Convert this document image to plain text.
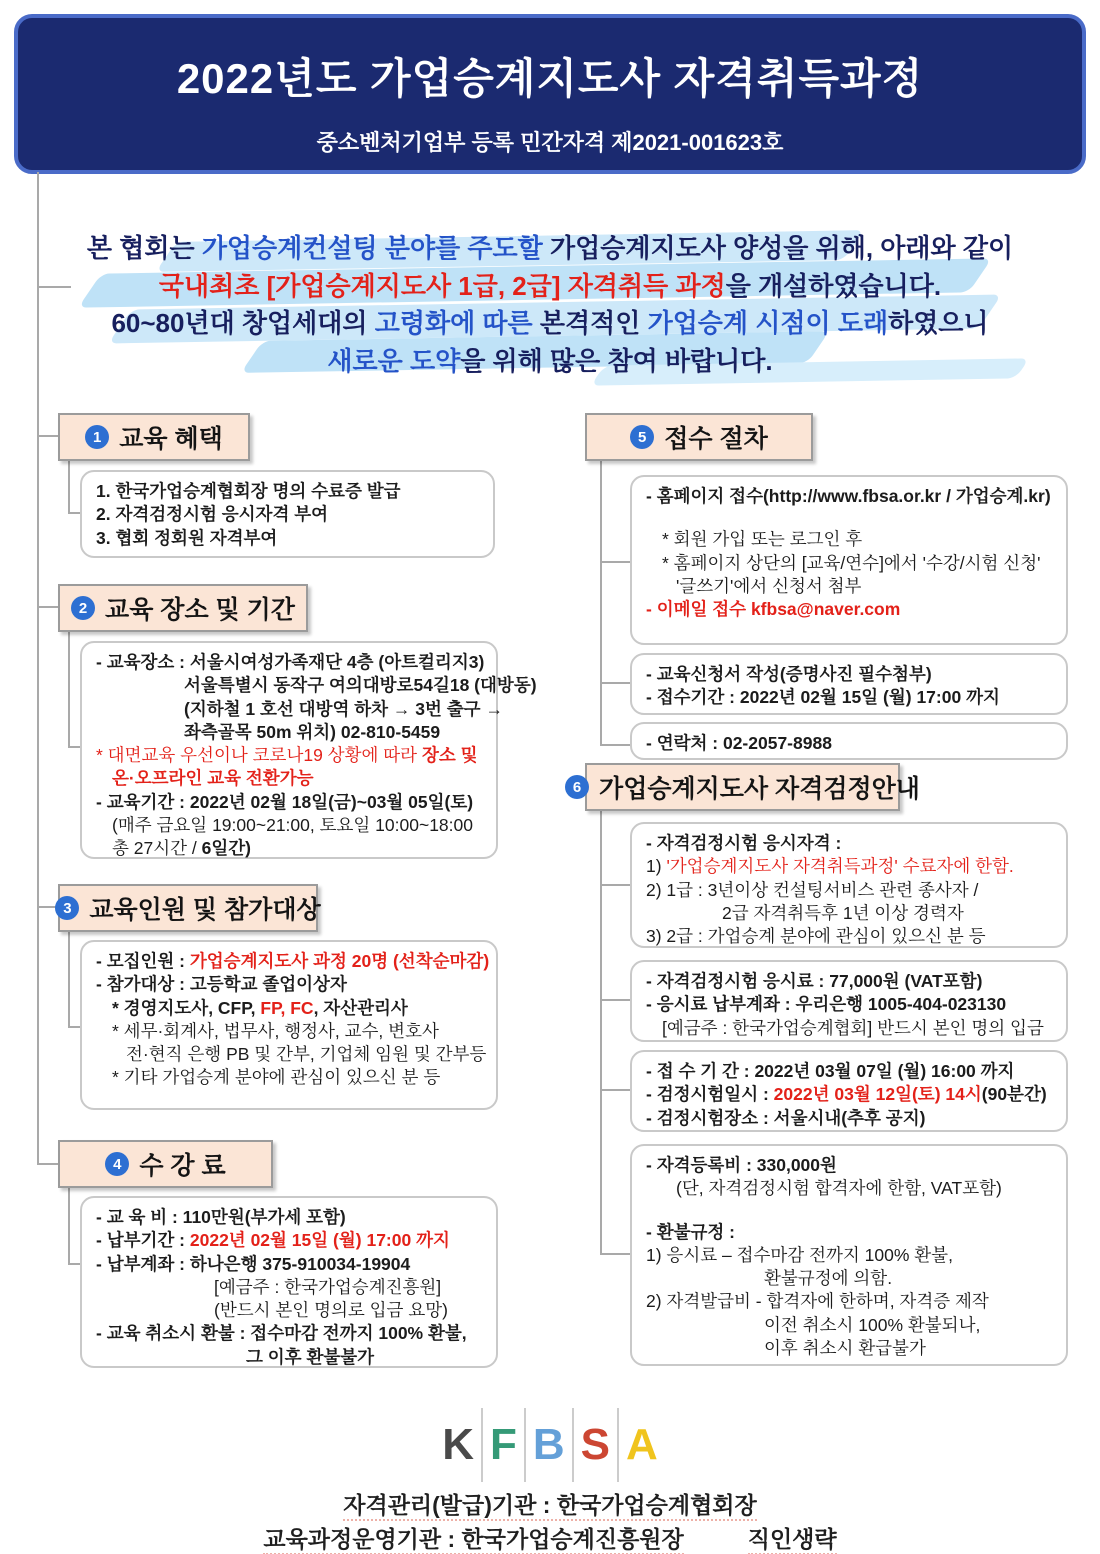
2022년도 가업승계지도사 자격취득과정
중소벤처기업부 등록 민간자격 제2021-001623호
본 협회는 가업승계컨설팅 분야를 주도할 가업승계지도사 양성을 위해, 아래와 같이
국내최초 [가업승계지도사 1급, 2급] 자격취득 과정을 개설하였습니다.
60~80년대 창업세대의 고령화에 따른 본격적인 가업승계 시점이 도래하였으니
새로운 도약을 위해 많은 참여 바랍니다.
1 교육 혜택
1. 한국가업승계협회장 명의 수료증 발급
2. 자격검정시험 응시자격 부여
3. 협회 정회원 자격부여
2 교육 장소 및 기간
- 교육장소 : 서울시여성가족재단 4층 (아트컬리지3)
서울특별시 동작구 여의대방로54길18 (대방동)
(지하철 1 호선 대방역 하차 → 3번 출구 →
좌측골목 50m 위치) 02-810-5459
* 대면교육 우선이나 코로나19 상황에 따라 장소 및
온·오프라인 교육 전환가능
- 교육기간 : 2022년 02월 18일(금)~03월 05일(토)
(매주 금요일 19:00~21:00, 토요일 10:00~18:00
총 27시간 / 6일간)
3 교육인원 및 참가대상
- 모집인원 : 가업승계지도사 과정 20명 (선착순마감)
- 참가대상 : 고등학교 졸업이상자
* 경영지도사, CFP, FP, FC, 자산관리사
* 세무·회계사, 법무사, 행정사, 교수, 변호사
전·현직 은행 PB 및 간부, 기업체 임원 및 간부등
* 기타 가업승계 분야에 관심이 있으신 분 등
4 수 강 료
- 교 육 비 : 110만원(부가세 포함)
- 납부기간 : 2022년 02월 15일 (월) 17:00 까지
- 납부계좌 : 하나은행 375-910034-19904
[예금주 : 한국가업승계진흥원]
(반드시 본인 명의로 입금 요망)
- 교육 취소시 환불 : 접수마감 전까지 100% 환불,
그 이후 환불불가
5 접수 절차
- 홈페이지 접수(http://www.fbsa.or.kr / 가업승계.kr)
* 회원 가입 또는 로그인 후
* 홈페이지 상단의 [교육/연수]에서 '수강/시험 신청'
'글쓰기'에서 신청서 첨부
- 이메일 접수 kfbsa@naver.com
- 교육신청서 작성(증명사진 필수첨부)
- 접수기간 : 2022년 02월 15일 (월) 17:00 까지
- 연락처 : 02-2057-8988
6 가업승계지도사 자격검정안내
- 자격검정시험 응시자격 :
1) '가업승계지도사 자격취득과정' 수료자에 한함.
2) 1급 : 3년이상 컨설팅서비스 관련 종사자 /
2급 자격취득후 1년 이상 경력자
3) 2급 : 가업승계 분야에 관심이 있으신 분 등
- 자격검정시험 응시료 : 77,000원 (VAT포함)
- 응시료 납부계좌 : 우리은행 1005-404-023130
[예금주 : 한국가업승계협회] 반드시 본인 명의 입금
- 접 수 기 간 : 2022년 03월 07일 (월) 16:00 까지
- 검정시험일시 : 2022년 03월 12일(토) 14시(90분간)
- 검정시험장소 : 서울시내(추후 공지)
- 자격등록비 : 330,000원
(단, 자격검정시험 합격자에 한함, VAT포함)
- 환불규정 :
1) 응시료 – 접수마감 전까지 100% 환불,
환불규정에 의함.
2) 자격발급비 - 합격자에 한하며, 자격증 제작
이전 취소시 100% 환불되나,
이후 취소시 환급불가
K F B S A
자격관리(발급)기관 : 한국가업승계협회장
교육과정운영기관 : 한국가업승계진흥원장	직인생략
